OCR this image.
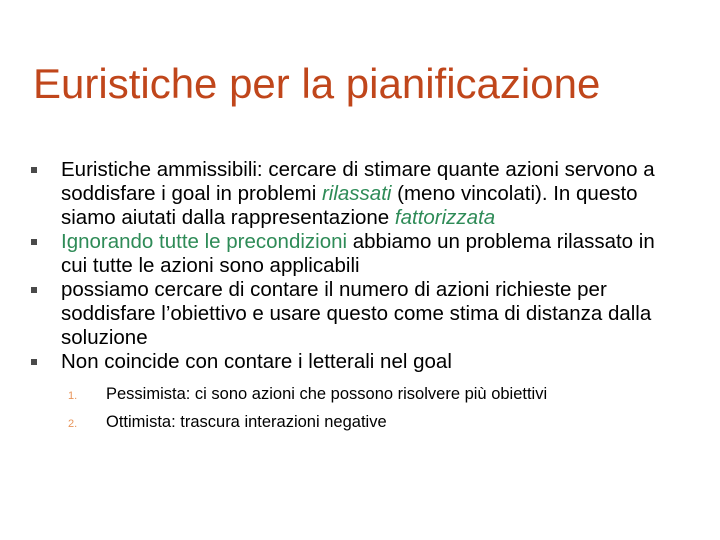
Euristiche per la pianificazione
Euristiche ammissibili: cercare di stimare quante azioni servono a soddisfare i goal in problemi rilassati (meno vincolati). In questo siamo aiutati dalla rappresentazione fattorizzata
Ignorando tutte le precondizioni abbiamo un problema rilassato in cui tutte le azioni sono applicabili
possiamo cercare di contare il numero di azioni richieste per soddisfare l’obiettivo e usare questo come stima di distanza dalla soluzione
Non coincide con contare i letterali nel goal
1. Pessimista: ci sono azioni che possono risolvere più obiettivi
2. Ottimista: trascura interazioni negative
